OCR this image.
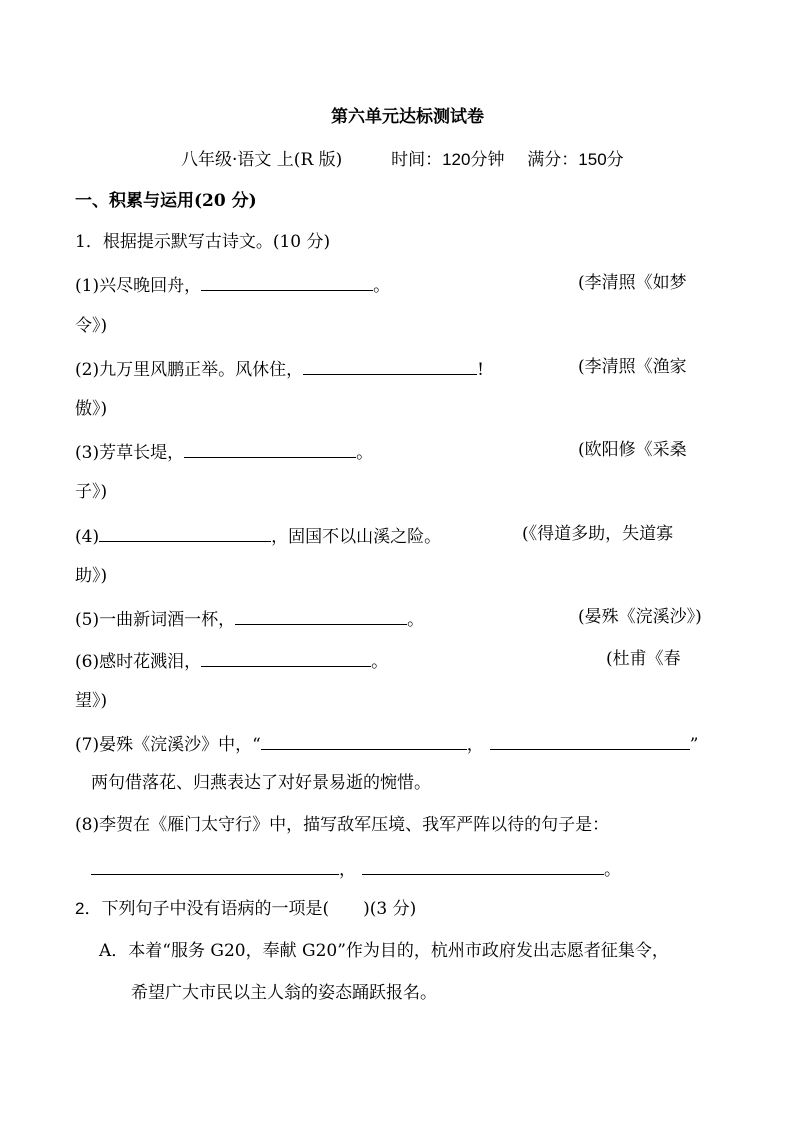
第六单元达标测试卷
八年级·语文 上(R 版)	时间：120分钟 满分：150分
一、积累与运用(20 分)
1．根据提示默写古诗文。(10 分)
(1)兴尽晚回舟，	。	(李清照《如梦
令》)
(2)九万里风鹏正举。风休住，	!	(李清照《渔家
傲》)
(3)芳草长堤，	。	(欧阳修《采桑
子》)
(4)	，固国不以山溪之险。	(《得道多助，失道寡
助》)
(5)一曲新词酒一杯，	。	(晏殊《浣溪沙》)
(6)感时花溅泪，	。	(杜甫《春
望》)
(7)晏殊《浣溪沙》中，“	，	”
两句借落花、归燕表达了对好景易逝的惋惜。
(8)李贺在《雁门太守行》中，描写敌军压境、我军严阵以待的句子是：
，	。
2．下列句子中没有语病的一项是(　　)(3 分)
A．本着“服务 G20，奉献 G20”作为目的，杭州市政府发出志愿者征集令，
希望广大市民以主人翁的姿态踊跃报名。
